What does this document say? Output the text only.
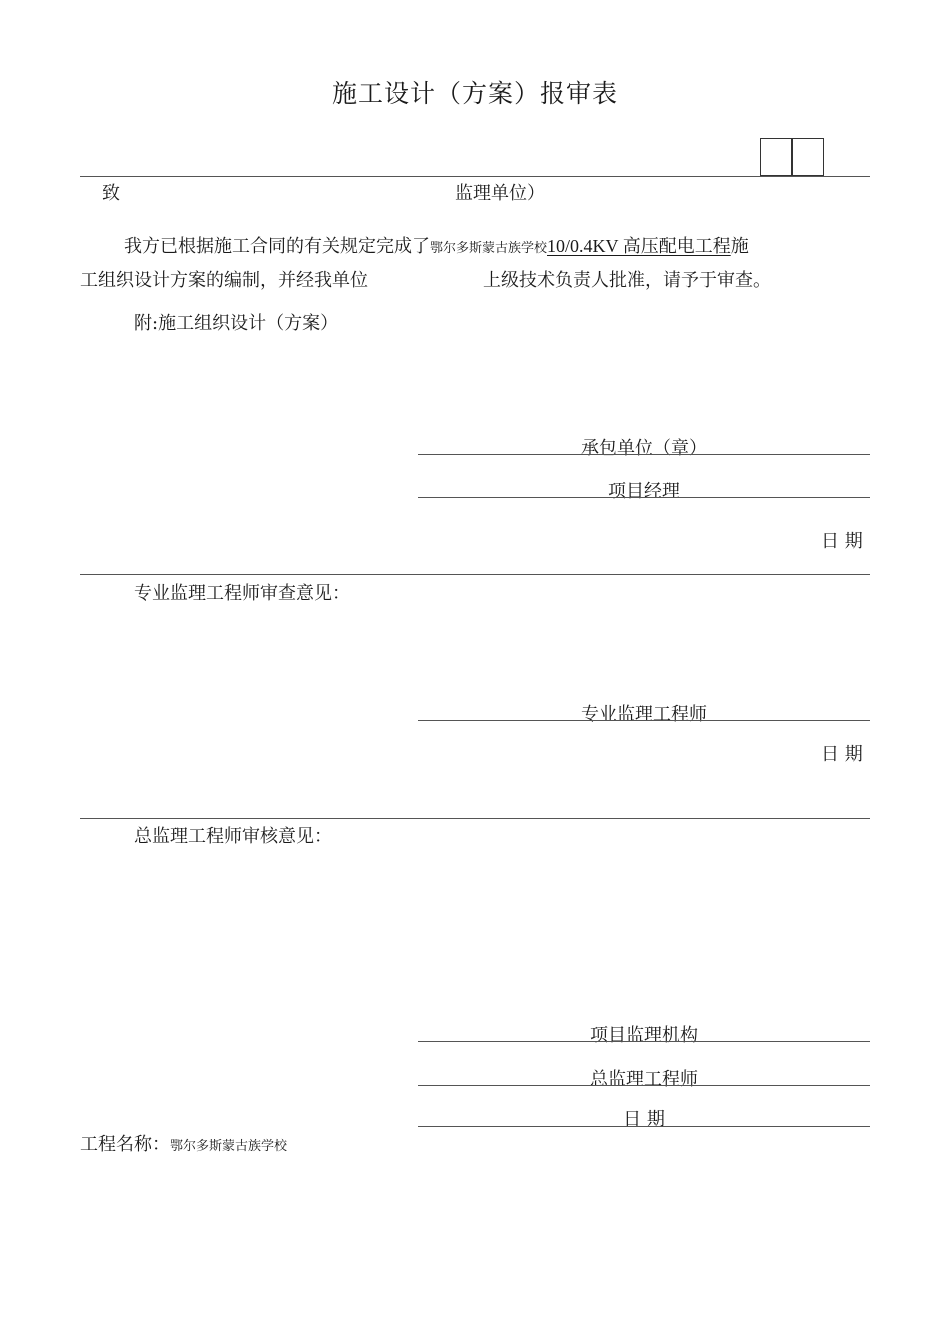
施工设计（方案）报审表
致	监理单位）
我方已根据施工合同的有关规定完成了鄂尔多斯蒙古族学校10/0.4KV 高压配电工程施
工组织设计方案的编制，并经我单位	上级技术负责人批准，请予于审查。
附:施工组织设计（方案）
承包单位（章）
项目经理
日 期
专业监理工程师审查意见：
专业监理工程师
日 期
总监理工程师审核意见：
项目监理机构
总监理工程师
日 期
工程名称：鄂尔多斯蒙古族学校
